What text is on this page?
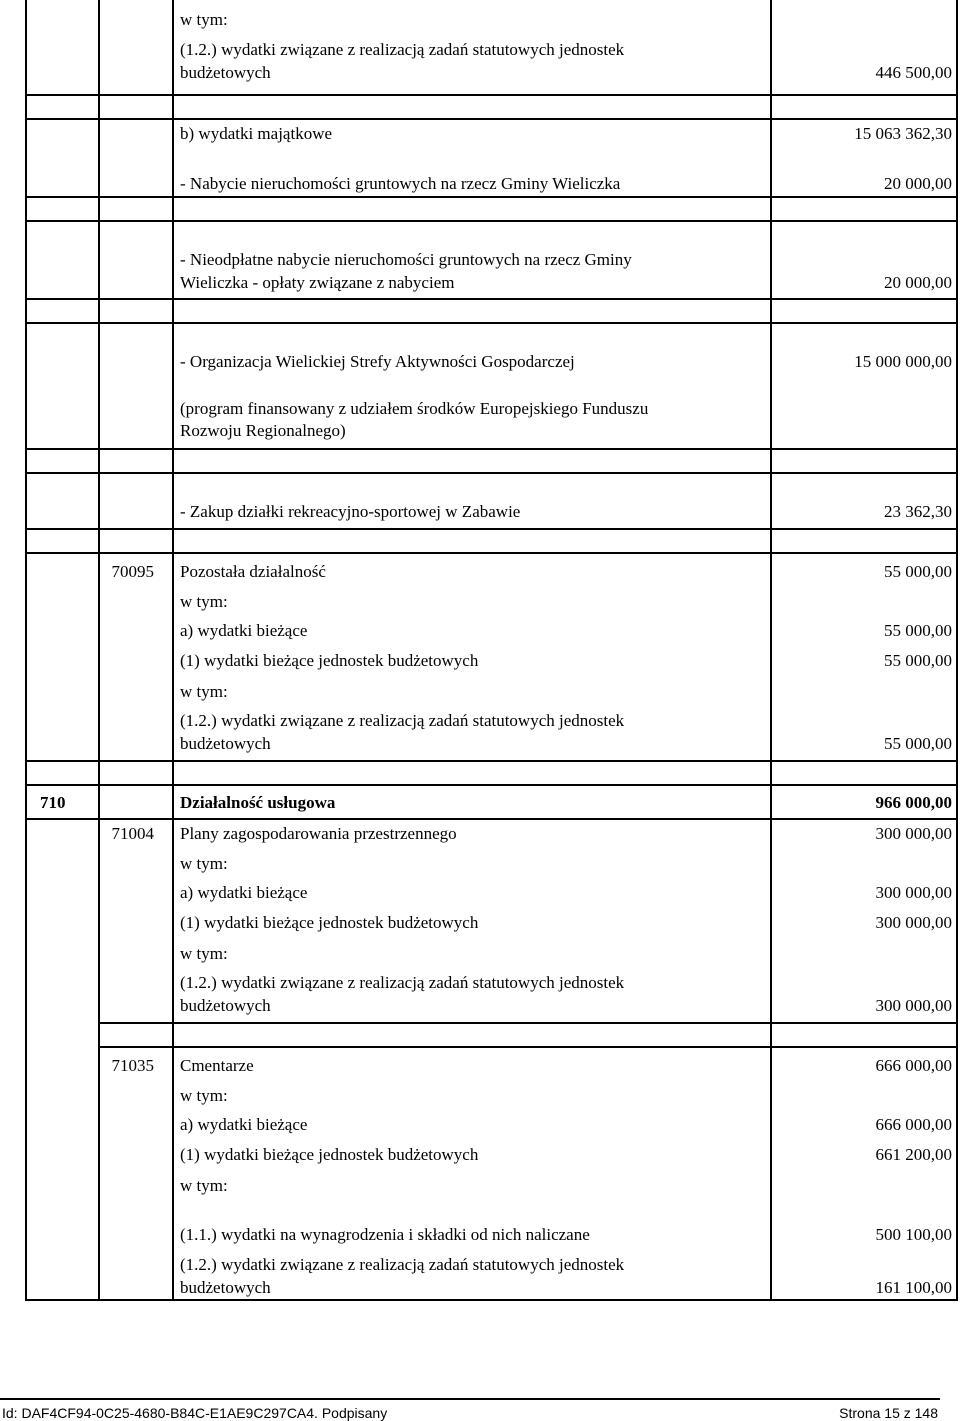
w tym:
(1.2.) wydatki związane z realizacją zadań statutowych jednostek
budżetowych	446 500,00
b) wydatki majątkowe	15 063 362,30
- Nabycie nieruchomości gruntowych na rzecz Gminy Wieliczka	20 000,00
- Nieodpłatne nabycie nieruchomości gruntowych na rzecz Gminy
Wieliczka - opłaty związane z nabyciem	20 000,00
- Organizacja Wielickiej Strefy Aktywności Gospodarczej	15 000 000,00
(program finansowany z udziałem środków Europejskiego Funduszu
Rozwoju Regionalnego)
- Zakup działki rekreacyjno-sportowej w Zabawie	23 362,30
70095 Pozostała działalność	55 000,00
w tym:
a) wydatki bieżące	55 000,00
(1) wydatki bieżące jednostek budżetowych	55 000,00
w tym:
(1.2.) wydatki związane z realizacją zadań statutowych jednostek
budżetowych	55 000,00
710	Działalność usługowa	966 000,00
71004 Plany zagospodarowania przestrzennego	300 000,00
w tym:
a) wydatki bieżące	300 000,00
(1) wydatki bieżące jednostek budżetowych	300 000,00
w tym:
(1.2.) wydatki związane z realizacją zadań statutowych jednostek
budżetowych	300 000,00
71035 Cmentarze	666 000,00
w tym:
a) wydatki bieżące	666 000,00
(1) wydatki bieżące jednostek budżetowych	661 200,00
w tym:
(1.1.) wydatki na wynagrodzenia i składki od nich naliczane	500 100,00
(1.2.) wydatki związane z realizacją zadań statutowych jednostek
budżetowych	161 100,00
Id: DAF4CF94-0C25-4680-B84C-E1AE9C297CA4. Podpisany	Strona 15 z 148
